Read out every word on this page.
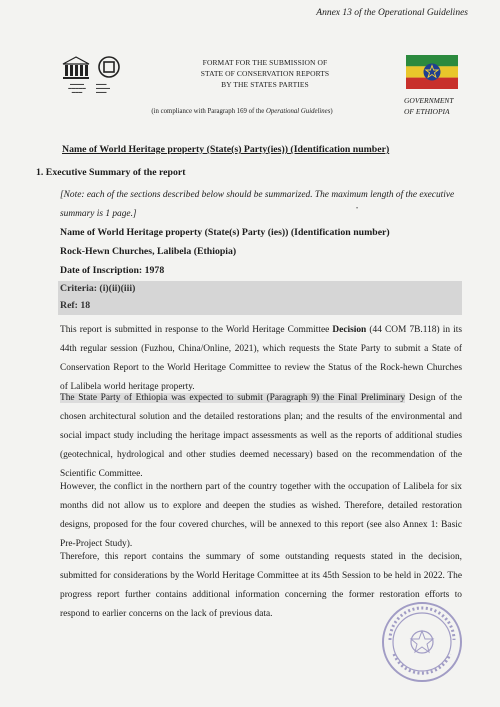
Annex 13 of the Operational Guidelines
▬▬▬▬
▬▬▬▬▬
▬▬▬
▬▬▬
▬▬▬▬
▬▬▬
FORMAT FOR THE SUBMISSION OF
STATE OF CONSERVATION REPORTS
BY THE STATES PARTIES
(in compliance with Paragraph 169 of the Operational Guidelines)
GOVERNMENT
OF ETHIOPIA
Name of World Heritage property (State(s) Party(ies)) (Identification number)
1. Executive Summary of the report
[Note: each of the sections described below should be summarized. The maximum length of the executive summary is 1 page.]	•
Name of World Heritage property (State(s) Party (ies)) (Identification number)
Rock-Hewn Churches, Lalibela (Ethiopia)
Date of Inscription: 1978
Criteria: (i)(ii)(iii)
Ref: 18
This report is submitted in response to the World Heritage Committee Decision (44 COM 7B.118) in its 44th regular session (Fuzhou, China/Online, 2021), which requests the State Party to submit a State of Conservation Report to the World Heritage Committee to review the Status of the Rock-hewn Churches of Lalibela world heritage property.
The State Party of Ethiopia was expected to submit (Paragraph 9) the Final Preliminary Design of the chosen architectural solution and the detailed restorations plan; and the results of the environmental and social impact study including the heritage impact assessments as well as the reports of additional studies (geotechnical, hydrological and other studies deemed necessary) based on the recommendation of the Scientific Committee.
However, the conflict in the northern part of the country together with the occupation of Lalibela for six months did not allow us to explore and deepen the studies as wished. Therefore, detailed restoration designs, proposed for the four covered churches, will be annexed to this report (see also Annex 1: Basic Pre-Project Study).
Therefore, this report contains the summary of some outstanding requests stated in the decision, submitted for considerations by the World Heritage Committee at its 45th Session to be held in 2022. The progress report further contains additional information concerning the former restoration efforts to respond to earlier concerns on the lack of previous data.
